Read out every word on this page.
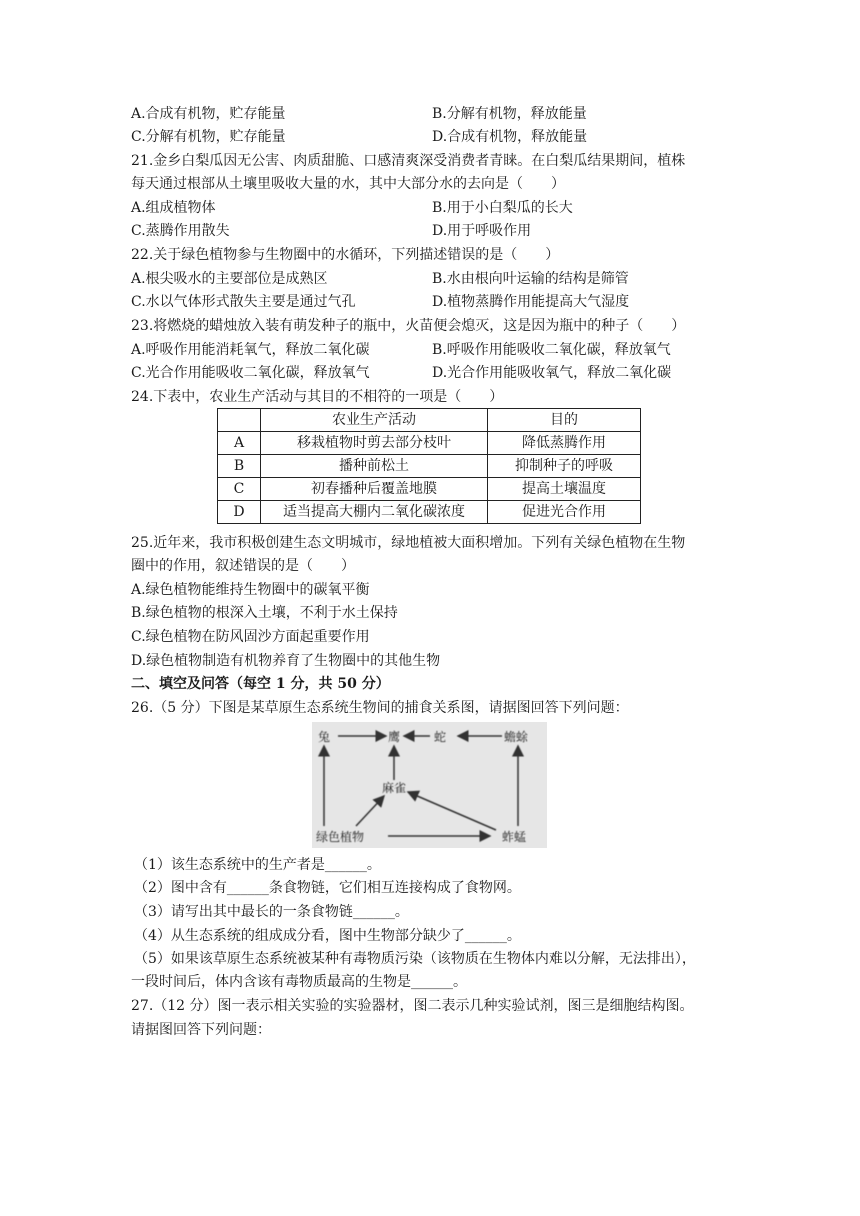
A.合成有机物，贮存能量	B.分解有机物，释放能量
C.分解有机物，贮存能量	D.合成有机物，释放能量
21.金乡白梨瓜因无公害、肉质甜脆、口感清爽深受消费者青睐。在白梨瓜结果期间，植株
每天通过根部从土壤里吸收大量的水，其中大部分水的去向是（　　）
A.组成植物体	B.用于小白梨瓜的长大
C.蒸腾作用散失	D.用于呼吸作用
22.关于绿色植物参与生物圈中的水循环，下列描述错误的是（　　）
A.根尖吸水的主要部位是成熟区	B.水由根向叶运输的结构是筛管
C.水以气体形式散失主要是通过气孔	D.植物蒸腾作用能提高大气湿度
23.将燃烧的蜡烛放入装有萌发种子的瓶中，火苗便会熄灭，这是因为瓶中的种子（　　）
A.呼吸作用能消耗氧气，释放二氧化碳	B.呼吸作用能吸收二氧化碳，释放氧气
C.光合作用能吸收二氧化碳，释放氧气	D.光合作用能吸收氧气，释放二氧化碳
24.下表中，农业生产活动与其目的不相符的一项是（　　）
	农业生产活动	目的
A	移栽植物时剪去部分枝叶	降低蒸腾作用
B	播种前松土	抑制种子的呼吸
C	初春播种后覆盖地膜	提高土壤温度
D	适当提高大棚内二氧化碳浓度	促进光合作用
25.近年来，我市积极创建生态文明城市，绿地植被大面积增加。下列有关绿色植物在生物
圈中的作用，叙述错误的是（　　）
A.绿色植物能维持生物圈中的碳氧平衡
B.绿色植物的根深入土壤，不利于水土保持
C.绿色植物在防风固沙方面起重要作用
D.绿色植物制造有机物养育了生物圈中的其他生物
二、填空及问答（每空 1 分，共 50 分）
26.（5 分）下图是某草原生态系统生物间的捕食关系图，请据图回答下列问题：
兔	鹰	蛇	蟾蜍
麻雀
绿色植物	蚱蜢
（1）该生态系统中的生产者是______。
（2）图中含有______条食物链，它们相互连接构成了食物网。
（3）请写出其中最长的一条食物链______。
（4）从生态系统的组成成分看，图中生物部分缺少了______。
（5）如果该草原生态系统被某种有毒物质污染（该物质在生物体内难以分解，无法排出），
一段时间后，体内含该有毒物质最高的生物是______。
27.（12 分）图一表示相关实验的实验器材，图二表示几种实验试剂，图三是细胞结构图。
请据图回答下列问题：
